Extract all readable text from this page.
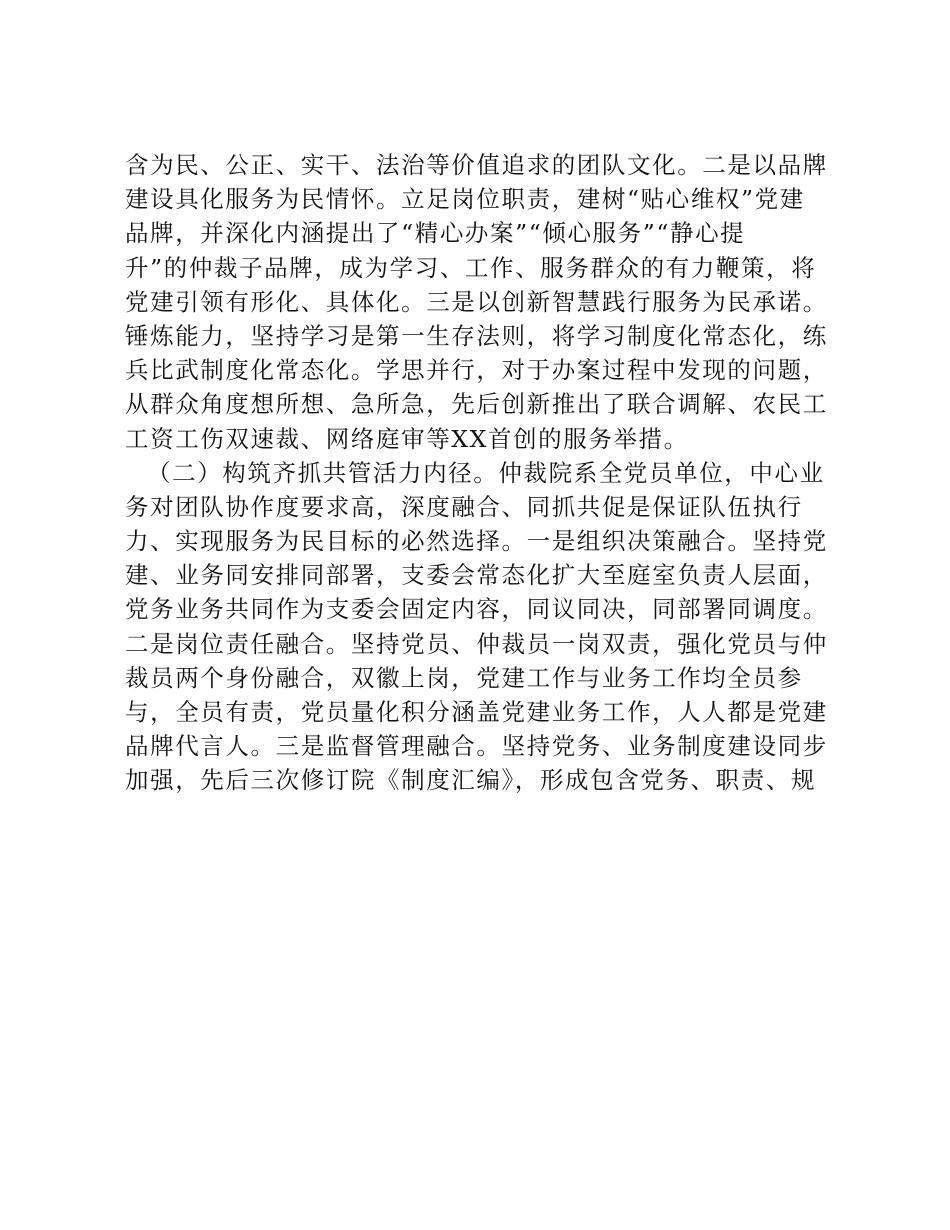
含为民、公正、实干、法治等价值追求的团队文化。二是以品牌
建设具化服务为民情怀。立足岗位职责，建树“贴心维权”党建
品牌，并深化内涵提出了“精心办案”“倾心服务”“静心提
升”的仲裁子品牌，成为学习、工作、服务群众的有力鞭策，将
党建引领有形化、具体化。三是以创新智慧践行服务为民承诺。
锤炼能力，坚持学习是第一生存法则，将学习制度化常态化，练
兵比武制度化常态化。学思并行，对于办案过程中发现的问题，
从群众角度想所想、急所急，先后创新推出了联合调解、农民工
工资工伤双速裁、网络庭审等XX首创的服务举措。
（二）构筑齐抓共管活力内径。仲裁院系全党员单位，中心业
务对团队协作度要求高，深度融合、同抓共促是保证队伍执行
力、实现服务为民目标的必然选择。一是组织决策融合。坚持党
建、业务同安排同部署，支委会常态化扩大至庭室负责人层面，
党务业务共同作为支委会固定内容，同议同决，同部署同调度。
二是岗位责任融合。坚持党员、仲裁员一岗双责，强化党员与仲
裁员两个身份融合，双徽上岗，党建工作与业务工作均全员参
与，全员有责，党员量化积分涵盖党建业务工作，人人都是党建
品牌代言人。三是监督管理融合。坚持党务、业务制度建设同步
加强，先后三次修订院《制度汇编》，形成包含党务、职责、规
